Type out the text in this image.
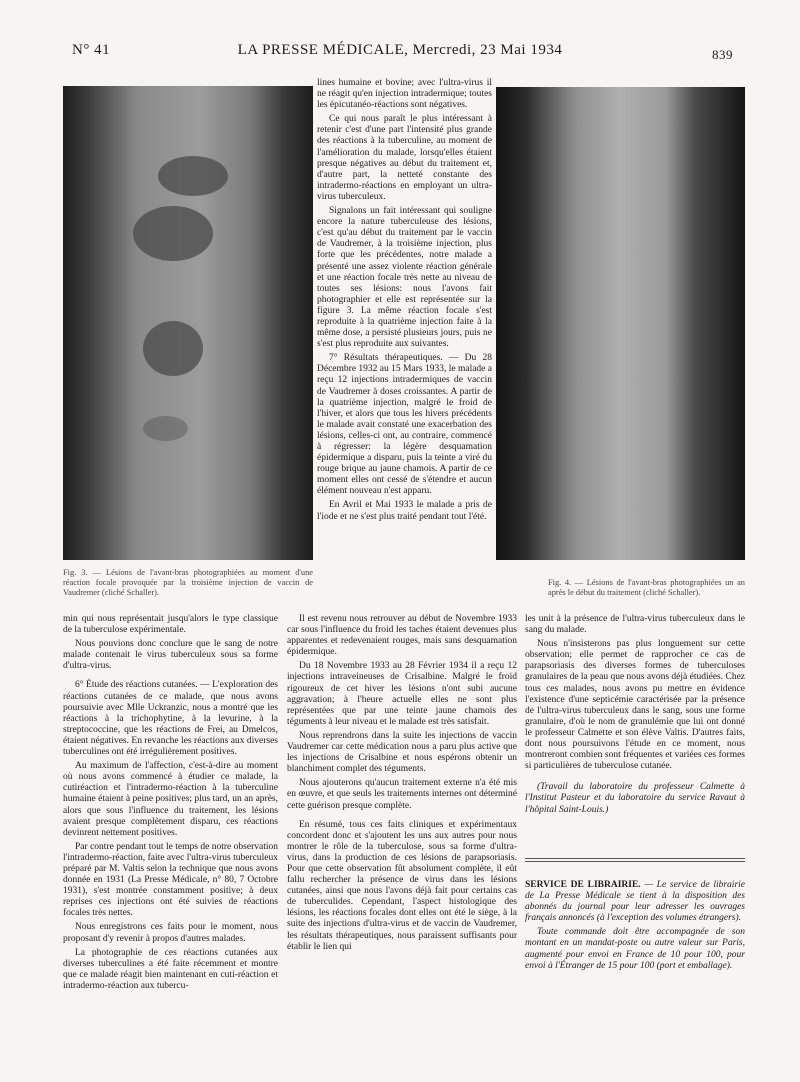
N° 41	LA PRESSE MÉDICALE, Mercredi, 23 Mai 1934	839
Fig. 3. — Lésions de l'avant-bras photographiées au moment d'une réaction focale provoquée par la troisième injection de vaccin de Vaudremer (cliché Schaller).
Fig. 4. — Lésions de l'avant-bras photographiées un an après le début du traitement (cliché Schaller).

lines humaine et bovine; avec l'ultra-virus il ne réagit qu'en injection intradermique; toutes les épicutanéo-réactions sont négatives.

Ce qui nous paraît le plus intéressant à retenir c'est d'une part l'intensité plus grande des réactions à la tuberculine, au moment de l'amélioration du malade, lorsqu'elles étaient presque négatives au début du traitement et, d'autre part, la netteté constante des intradermo-réactions en employant un ultra-virus tuberculeux.

Signalons un fait intéressant qui souligne encore la nature tuberculeuse des lésions, c'est qu'au début du traitement par le vaccin de Vaudremer, à la troisième injection, plus forte que les précédentes, notre malade a présenté une assez violente réaction générale et une réaction focale très nette au niveau de toutes ses lésions: nous l'avons fait photographier et elle est représentée sur la figure 3. La même réaction focale s'est reproduite à la quatrième injection faite à la même dose, a persisté plusieurs jours, puis ne s'est plus reproduite aux suivantes.

7° Résultats thérapeutiques. — Du 28 Décembre 1932 au 15 Mars 1933, le malade a reçu 12 injections intradermiques de vaccin de Vaudremer à doses croissantes. A partir de la quatrième injection, malgré le froid de l'hiver, et alors que tous les hivers précédents le malade avait constaté une exacerbation des lésions, celles-ci ont, au contraire, commencé à régresser: la légère desquamation épidermique a disparu, puis la teinte a viré du rouge brique au jaune chamois. A partir de ce moment elles ont cessé de s'étendre et aucun élément nouveau n'est apparu.

En Avril et Mai 1933 le malade a pris de l'iode et ne s'est plus traité pendant tout l'été.

min qui nous représentait jusqu'alors le type classique de la tuberculose expérimentale.

Nous pouvions donc conclure que le sang de notre malade contenait le virus tuberculeux sous sa forme d'ultra-virus.

6° Étude des réactions cutanées. — L'exploration des réactions cutanées de ce malade, que nous avons poursuivie avec Mlle Uckranzic, nous a montré que les réactions à la trichophytine, à la levurine, à la streptococcine, que les réactions de Frei, au Dmelcos, étaient négatives. En revanche les réactions aux diverses tuberculines ont été irrégulièrement positives.

Au maximum de l'affection, c'est-à-dire au moment où nous avons commencé à étudier ce malade, la cutiréaction et l'intradermo-réaction à la tuberculine humaine étaient à peine positives; plus tard, un an après, alors que sous l'influence du traitement, les lésions avaient presque complètement disparu, ces réactions devinrent nettement positives.

Par contre pendant tout le temps de notre observation l'intradermo-réaction, faite avec l'ultra-virus tuberculeux préparé par M. Valtis selon la technique que nous avons donnée en 1931 (La Presse Médicale, n° 80, 7 Octobre 1931), s'est montrée constamment positive; à deux reprises ces injections ont été suivies de réactions focales très nettes.

Nous enregistrons ces faits pour le moment, nous proposant d'y revenir à propos d'autres malades.

La photographie de ces réactions cutanées aux diverses tuberculines a été faite récemment et montre que ce malade réagit bien maintenant en cuti-réaction et intradermo-réaction aux tubercu-

Il est revenu nous retrouver au début de Novembre 1933 car sous l'influence du froid les taches étaient devenues plus apparentes et redevenaient rouges, mais sans desquamation épidermique.

Du 18 Novembre 1933 au 28 Février 1934 il a reçu 12 injections intraveineuses de Crisalbine. Malgré le froid rigoureux de cet hiver les lésions n'ont subi aucune aggravation; à l'heure actuelle elles ne sont plus représentées que par une teinte jaune chamois des téguments à leur niveau et le malade est très satisfait.

Nous reprendrons dans la suite les injections de vaccin Vaudremer car cette médication nous a paru plus active que les injections de Crisalbine et nous espérons obtenir un blanchiment complet des téguments.

Nous ajouterons qu'aucun traitement externe n'a été mis en œuvre, et que seuls les traitements internes ont déterminé cette guérison presque complète.

En résumé, tous ces faits cliniques et expérimentaux concordent donc et s'ajoutent les uns aux autres pour nous montrer le rôle de la tuberculose, sous sa forme d'ultra-virus, dans la production de ces lésions de parapsoriasis. Pour que cette observation fût absolument complète, il eût fallu rechercher la présence de virus dans les lésions cutanées, ainsi que nous l'avons déjà fait pour certains cas de tuberculides. Cependant, l'aspect histologique des lésions, les réactions focales dont elles ont été le siège, à la suite des injections d'ultra-virus et de vaccin de Vaudremer, les résultats thérapeutiques, nous paraissent suffisants pour établir le lien qui

les unit à la présence de l'ultra-virus tuberculeux dans le sang du malade.

Nous n'insisterons pas plus longuement sur cette observation; elle permet de rapprocher ce cas de parapsoriasis des diverses formes de tuberculoses granulaires de la peau que nous avons déjà étudiées. Chez tous ces malades, nous avons pu mettre en évidence l'existence d'une septicémie caractérisée par la présence de l'ultra-virus tuberculeux dans le sang, sous une forme granulaire, d'où le nom de granulémie que lui ont donné le professeur Calmette et son élève Valtis. D'autres faits, dont nous poursuivons l'étude en ce moment, nous montreront combien sont fréquentes et variées ces formes si particulières de tuberculose cutanée.

(Travail du laboratoire du professeur Calmette à l'Institut Pasteur et du laboratoire du service Ravaut à l'hôpital Saint-Louis.)

SERVICE DE LIBRAIRIE. — Le service de librairie de La Presse Médicale se tient à la disposition des abonnés du journal pour leur adresser les ouvrages français annoncés (à l'exception des volumes étrangers).

Toute commande doit être accompagnée de son montant en un mandat-poste ou autre valeur sur Paris, augmenté pour envoi en France de 10 pour 100, pour envoi à l'Étranger de 15 pour 100 (port et emballage).
